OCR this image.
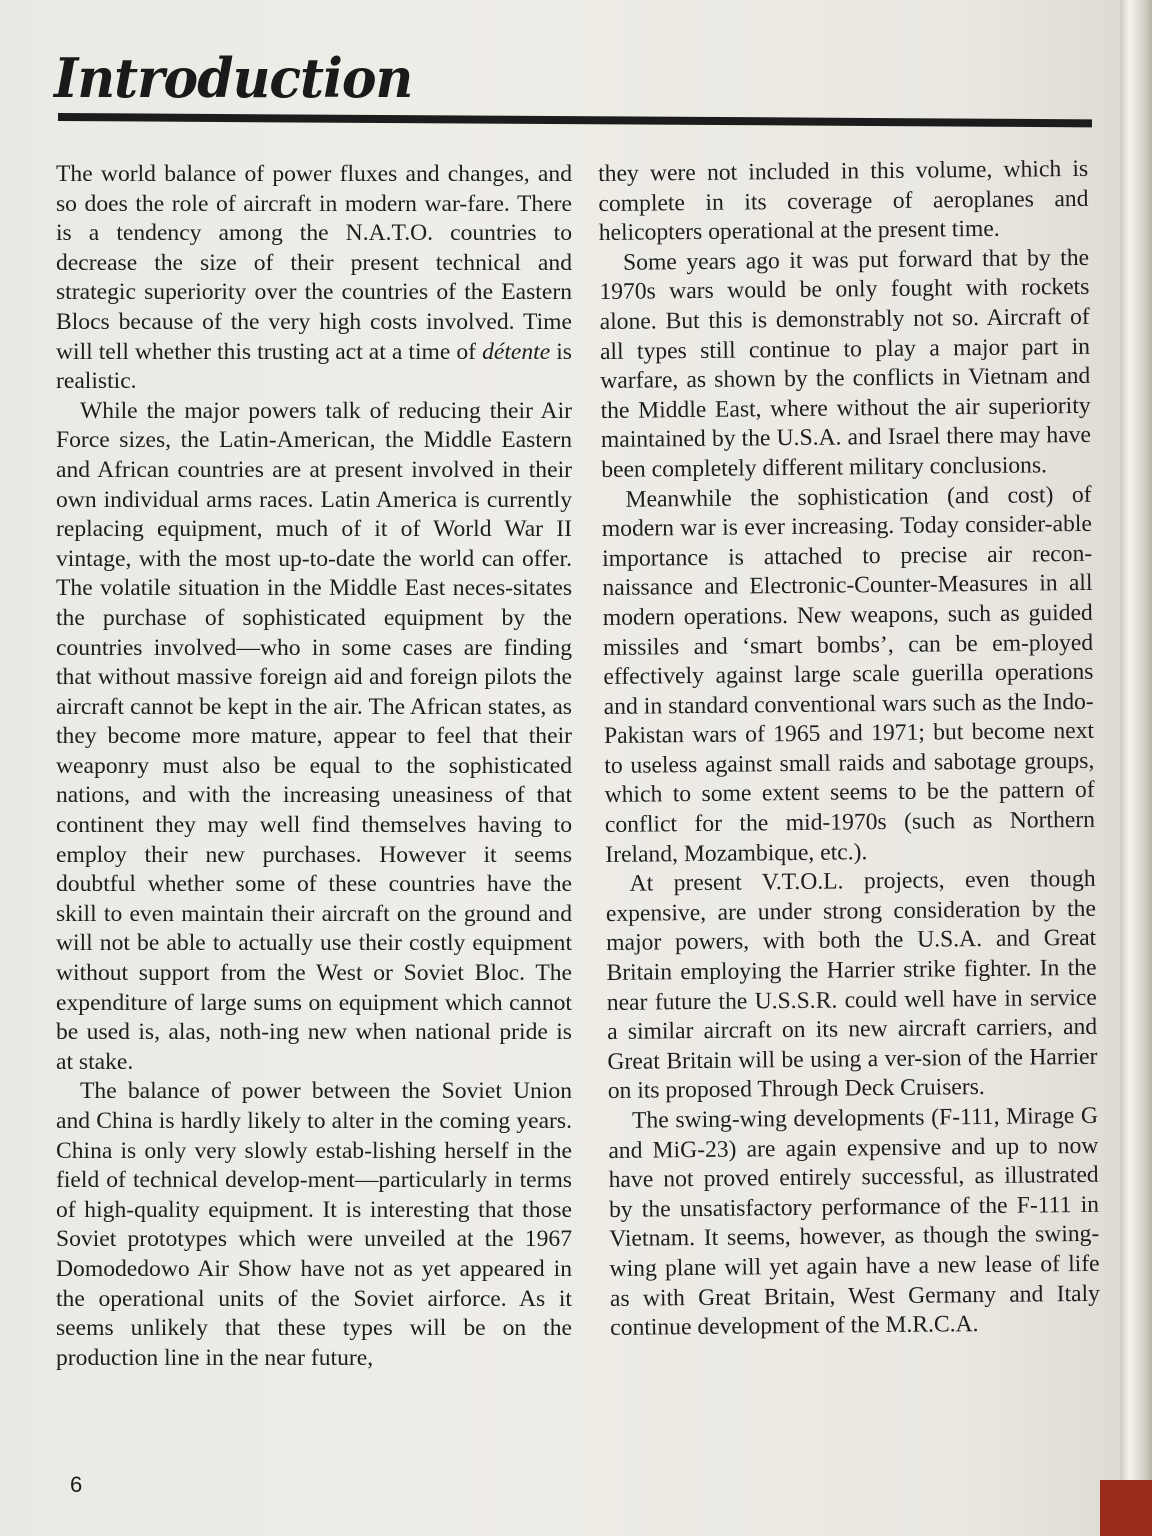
Introduction

The world balance of power fluxes and changes, and so does the role of aircraft in modern war-fare. There is a tendency among the N.A.T.O. countries to decrease the size of their present technical and strategic superiority over the countries of the Eastern Blocs because of the very high costs involved. Time will tell whether this trusting act at a time of détente is realistic.

While the major powers talk of reducing their Air Force sizes, the Latin-American, the Middle Eastern and African countries are at present involved in their own individual arms races. Latin America is currently replacing equipment, much of it of World War II vintage, with the most up-to-date the world can offer. The volatile situation in the Middle East neces-sitates the purchase of sophisticated equipment by the countries involved—who in some cases are finding that without massive foreign aid and foreign pilots the aircraft cannot be kept in the air. The African states, as they become more mature, appear to feel that their weaponry must also be equal to the sophisticated nations, and with the increasing uneasiness of that continent they may well find themselves having to employ their new purchases. However it seems doubtful whether some of these countries have the skill to even maintain their aircraft on the ground and will not be able to actually use their costly equipment without support from the West or Soviet Bloc. The expenditure of large sums on equipment which cannot be used is, alas, noth-ing new when national pride is at stake.

The balance of power between the Soviet Union and China is hardly likely to alter in the coming years. China is only very slowly estab-lishing herself in the field of technical develop-ment—particularly in terms of high-quality equipment. It is interesting that those Soviet prototypes which were unveiled at the 1967 Domodedowo Air Show have not as yet appeared in the operational units of the Soviet airforce. As it seems unlikely that these types will be on the production line in the near future,

they were not included in this volume, which is complete in its coverage of aeroplanes and helicopters operational at the present time.

Some years ago it was put forward that by the 1970s wars would be only fought with rockets alone. But this is demonstrably not so. Aircraft of all types still continue to play a major part in warfare, as shown by the conflicts in Vietnam and the Middle East, where without the air superiority maintained by the U.S.A. and Israel there may have been completely different military conclusions.

Meanwhile the sophistication (and cost) of modern war is ever increasing. Today consider-able importance is attached to precise air recon-naissance and Electronic-Counter-Measures in all modern operations. New weapons, such as guided missiles and ‘smart bombs’, can be em-ployed effectively against large scale guerilla operations and in standard conventional wars such as the Indo-Pakistan wars of 1965 and 1971; but become next to useless against small raids and sabotage groups, which to some extent seems to be the pattern of conflict for the mid-1970s (such as Northern Ireland, Mozambique, etc.).

At present V.T.O.L. projects, even though expensive, are under strong consideration by the major powers, with both the U.S.A. and Great Britain employing the Harrier strike fighter. In the near future the U.S.S.R. could well have in service a similar aircraft on its new aircraft carriers, and Great Britain will be using a ver-sion of the Harrier on its proposed Through Deck Cruisers.

The swing-wing developments (F-111, Mirage G and MiG-23) are again expensive and up to now have not proved entirely successful, as illustrated by the unsatisfactory performance of the F-111 in Vietnam. It seems, however, as though the swing-wing plane will yet again have a new lease of life as with Great Britain, West Germany and Italy continue development of the M.R.C.A.

6
